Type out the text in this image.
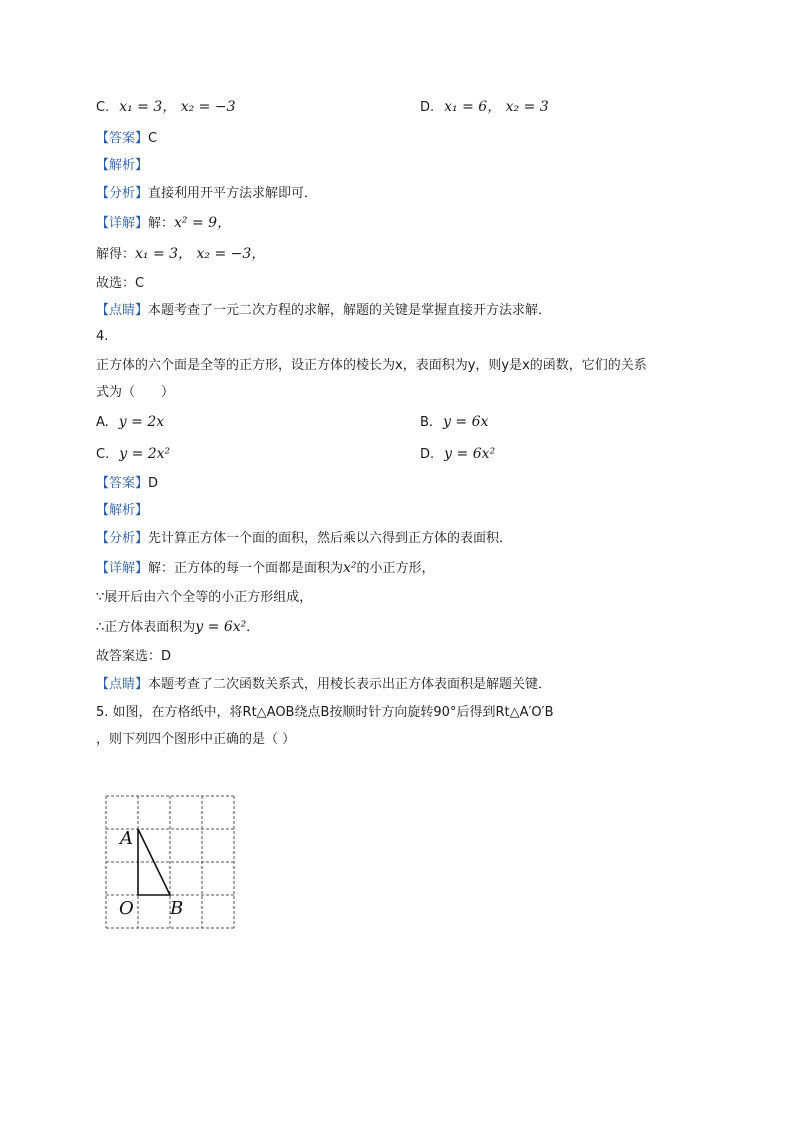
C. x₁ = 3， x₂ = −3	D. x₁ = 6， x₂ = 3
【答案】C
【解析】
【分析】直接利用开平方法求解即可．
【详解】解：x² = 9，
解得：x₁ = 3， x₂ = −3，
故选：C
【点睛】本题考查了一元二次方程的求解，解题的关键是掌握直接开方法求解．
4.
正方体的六个面是全等的正方形，设正方体的棱长为x，表面积为y，则y是x的函数，它们的关系
式为（　　）
A. y = 2x	B. y = 6x
C. y = 2x²	D. y = 6x²
【答案】D
【解析】
【分析】先计算正方体一个面的面积，然后乘以六得到正方体的表面积．
【详解】解：正方体的每一个面都是面积为x²的小正方形，
∵展开后由六个全等的小正方形组成，
∴正方体表面积为y = 6x²．
故答案选：D
【点睛】本题考查了二次函数关系式，用棱长表示出正方体表面积是解题关键．
5. 如图，在方格纸中，将Rt△AOB绕点B按顺时针方向旋转90°后得到Rt△A′O′B
，则下列四个图形中正确的是（ ）
A
O B
